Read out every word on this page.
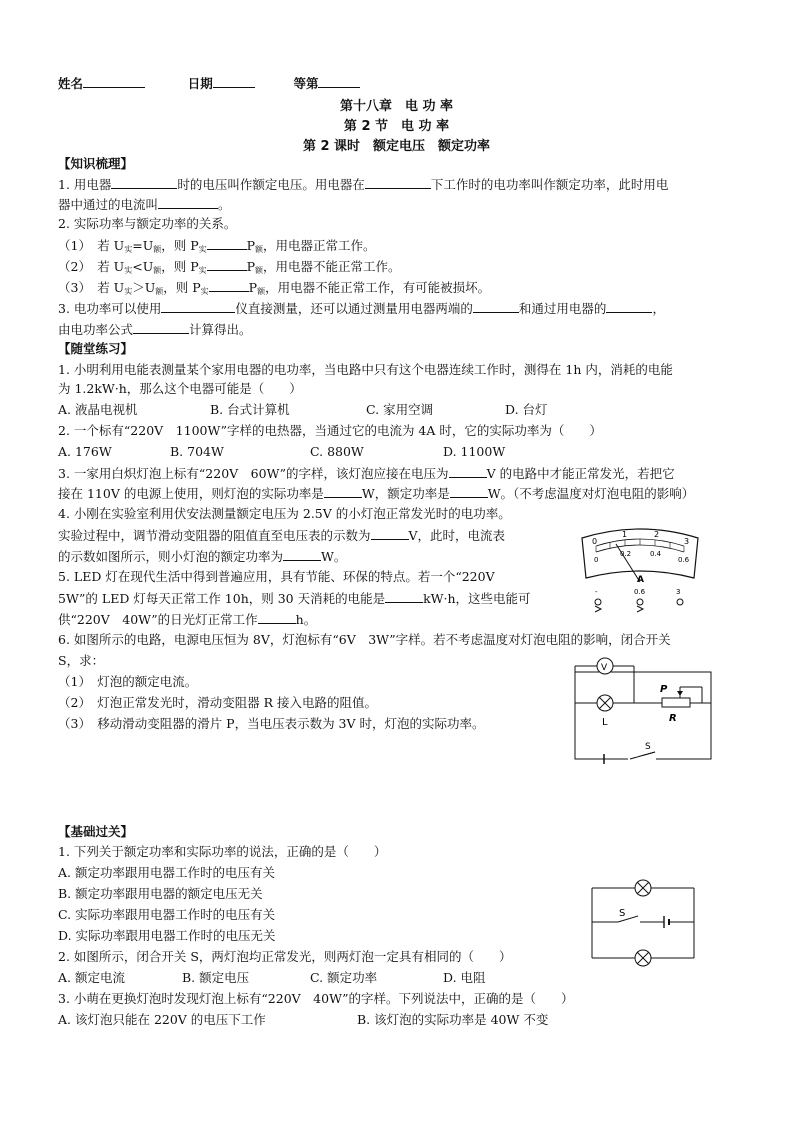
姓名	日期	等第
第十八章　电 功 率
第 2 节　电 功 率
第 2 课时　额定电压　额定功率
【知识梳理】
1. 用电器	时的电压叫作额定电压。用电器在	下工作时的电功率叫作额定功率，此时用电
器中通过的电流叫	。
2. 实际功率与额定功率的关系。
（1）　若 $U_实=U_额$，则 $P_实$	$P_额$，用电器正常工作。
（2）　若 $U_实<U_额$，则 $P_实$	$P_额$，用电器不能正常工作。
（3）　若 $U_实>U_额$，则 $P_实$	$P_额$，用电器不能正常工作，有可能被损坏。
3. 电功率可以使用	仪直接测量，还可以通过测量用电器两端的	和通过用电器的	，
由电功率公式	计算得出。
【随堂练习】
1. 小明利用电能表测量某个家用电器的电功率，当电路中只有这个电器连续工作时，测得在 1h 内，消耗的电能
为 1.2kW·h，那么这个电器可能是（　　）
A. 液晶电视机	B. 台式计算机	C. 家用空调	D. 台灯
2. 一个标有“220V　1100W”字样的电热器，当通过它的电流为 4A 时，它的实际功率为（　　）
A. 176W	B. 704W	C. 880W	D. 1100W
3. 一家用白炽灯泡上标有“220V　60W”的字样，该灯泡应接在电压为	V 的电路中才能正常发光，若把它
接在 110V 的电源上使用，则灯泡的实际功率是	W，额定功率是	W。（不考虑温度对灯泡电阻的影响）
4. 小刚在实验室利用伏安法测量额定电压为 2.5V 的小灯泡正常发光时的电功率。
实验过程中，调节滑动变阻器的阻值直至电压表的示数为	V，此时，电流表
的示数如图所示，则小灯泡的额定功率为	W。
5. LED 灯在现代生活中得到普遍应用，具有节能、环保的特点。若一个“220V
5W”的 LED 灯每天正常工作 10h，则 30 天消耗的电能是	kW·h，这些电能可
供“220V　40W”的日光灯正常工作	h。
6. 如图所示的电路，电源电压恒为 8V，灯泡标有“6V　3W”字样。若不考虑温度对灯泡电阻的影响，闭合开关
S，求：
（1）　灯泡的额定电流。
（2）　灯泡正常发光时，滑动变阻器 R 接入电路的阻值。
（3）　移动滑动变阻器的滑片 P，当电压表示数为 3V 时，灯泡的实际功率。
0
1	2
3
0
0.2	0.4
0.6
A
0.6	3
-
V
L
P
R
S
【基础过关】
1. 下列关于额定功率和实际功率的说法，正确的是（　　）
A. 额定功率跟用电器工作时的电压有关
B. 额定功率跟用电器的额定电压无关
C. 实际功率跟用电器工作时的电压有关
D. 实际功率跟用电器工作时的电压无关
2. 如图所示，闭合开关 S，两灯泡均正常发光，则两灯泡一定具有相同的（　　）
A. 额定电流	B. 额定电压	C. 额定功率	D. 电阻
3. 小萌在更换灯泡时发现灯泡上标有“220V　40W”的字样。下列说法中，正确的是（　　）
A. 该灯泡只能在 220V 的电压下工作	B. 该灯泡的实际功率是 40W 不变
S
